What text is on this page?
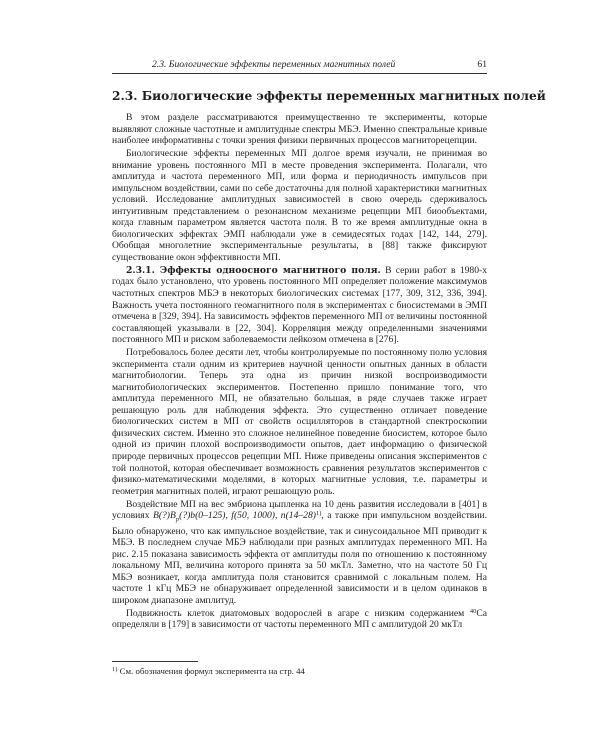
2.3. Биологические эффекты переменных магнитных полей	61
2.3. Биологические эффекты переменных магнитных полей

В этом разделе рассматриваются преимущественно те эксперименты, которые выявляют сложные частотные и амплитудные спектры МБЭ. Именно спектральные кривые наиболее информативны с точки зрения физики первичных процессов магниторецепции.

Биологические эффекты переменных МП долгое время изучали, не принимая во внимание уровень постоянного МП в месте проведения эксперимента. Полагали, что амплитуда и частота переменного МП, или форма и периодичность импульсов при импульсном воздействии, сами по себе достаточны для полной характеристики магнитных условий. Исследование амплитудных зависимостей в свою очередь сдерживалось интуитивным представлением о резонансном механизме рецепции МП биообъектами, когда главным параметром является частота поля. В то же время амплитудные окна в биологических эффектах ЭМП наблюдали уже в семидесятых годах [142, 144, 279]. Обобщая многолетние экспериментальные результаты, в [88] также фиксируют существование окон эффективности МП.

2.3.1. Эффекты одноосного магнитного поля. В серии работ в 1980-х годах было установлено, что уровень постоянного МП определяет положение максимумов частотных спектров МБЭ в некоторых биологических системах [177, 309, 312, 336, 394]. Важность учета постоянного геомагнитного поля в экспериментах с биосистемами в ЭМП отмечена в [329, 394]. На зависимость эффектов переменного МП от величины постоянной составляющей указывали в [22, 304]. Корреляция между определенными значениями постоянного МП и риском заболеваемости лейкозом отмечена в [276].

Потребовалось более десяти лет, чтобы контролируемые по постоянному полю условия эксперимента стали одним из критериев научной ценности опытных данных в области магнитобиологии. Теперь эта одна из причин низкой воспроизводимости магнитобиологических экспериментов. Постепенно пришло понимание того, что амплитуда переменного МП, не обязательно большая, в ряде случаев также играет решающую роль для наблюдения эффекта. Это существенно отличает поведение биологических систем в МП от свойств осцилляторов в стандартной спектроскопии физических систем. Именно это сложное нелинейное поведение биосистем, которое было одной из причин плохой воспроизводимости опытов, дает информацию о физической природе первичных процессов рецепции МП. Ниже приведены описания экспериментов с той полнотой, которая обеспечивает возможность сравнения результатов экспериментов с физико-математическими моделями, в которых магнитные условия, т.е. параметры и геометрия магнитных полей, играют решающую роль.

Воздействие МП на вес эмбриона цыпленка на 10 день развития исследовали в [401] в условиях $B(?)B_p(?)b(0-125)$, f(50, 1000), $n(14-28)^{1)}$, а также при импульсном воздействии. Было обнаружено, что как импульсное воздействие, так и синусоидальное МП приводит к МБЭ. В последнем случае МБЭ наблюдали при разных амплитудах переменного МП. На рис. 2.15 показана зависимость эффекта от амплитуды поля по отношению к постоянному локальному МП, величина которого принята за 50 мкТл. Заметно, что на частоте 50 Гц МБЭ возникает, когда амплитуда поля становится сравнимой с локальным полем. На частоте 1 кГц МБЭ не обнаруживает определенной зависимости и в целом одинаков в широком диапазоне амплитуд.

Подвижность клеток диатомовых водорослей в агаре с низким содержанием $^{40}$Ca определяли в [179] в зависимости от частоты переменного МП с амплитудой 20 мкТл

$^{1)}$ См. обозначения формул эксперимента на стр. 44
